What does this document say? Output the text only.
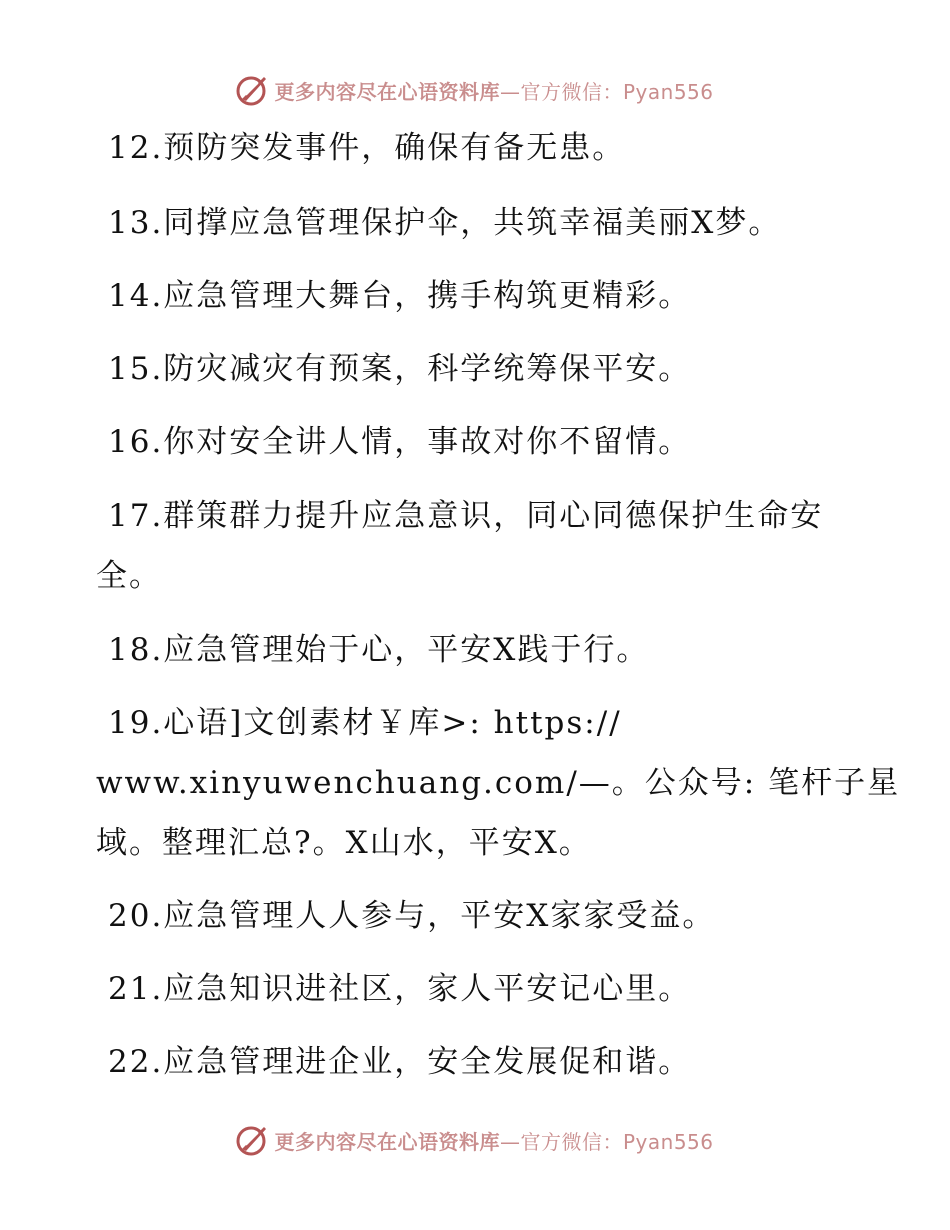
更多内容尽在心语资料库—官方微信：Pyan556
12.预防突发事件，确保有备无患。
13.同撑应急管理保护伞，共筑幸福美丽Ⅹ梦。
14.应急管理大舞台，携手构筑更精彩。
15.防灾减灾有预案，科学统筹保平安。
16.你对安全讲人情，事故对你不留情。
17.群策群力提升应急意识，同心同德保护生命安
全。
18.应急管理始于心，平安Ⅹ践于行。
19.心语]文创素材￥库>: https://
www.xinyuwenchuang.com/—。公众号: 笔杆子星
域。整理汇总?。Ⅹ山水，平安Ⅹ。
20.应急管理人人参与，平安Ⅹ家家受益。
21.应急知识进社区，家人平安记心里。
22.应急管理进企业，安全发展促和谐。
更多内容尽在心语资料库—官方微信：Pyan556
